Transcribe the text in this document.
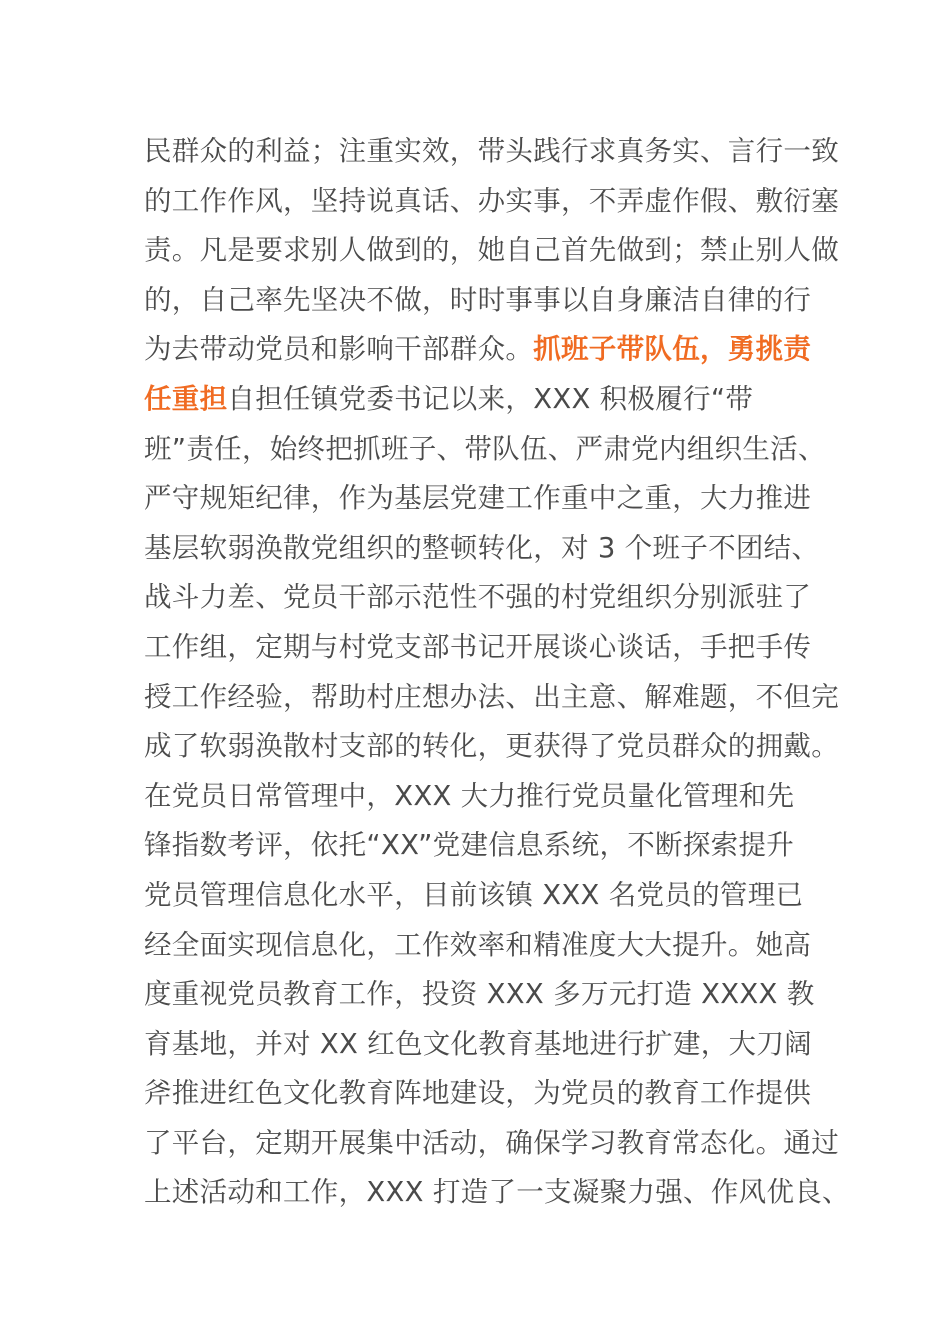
民群众的利益；注重实效，带头践行求真务实、言行一致
的工作作风，坚持说真话、办实事，不弄虚作假、敷衍塞
责。凡是要求别人做到的，她自己首先做到；禁止别人做
的，自己率先坚决不做，时时事事以自身廉洁自律的行
为去带动党员和影响干部群众。抓班子带队伍，勇挑责
任重担自担任镇党委书记以来，XXX 积极履行“带
班”责任，始终把抓班子、带队伍、严肃党内组织生活、
严守规矩纪律，作为基层党建工作重中之重，大力推进
基层软弱涣散党组织的整顿转化，对 3 个班子不团结、
战斗力差、党员干部示范性不强的村党组织分别派驻了
工作组，定期与村党支部书记开展谈心谈话，手把手传
授工作经验，帮助村庄想办法、出主意、解难题，不但完
成了软弱涣散村支部的转化，更获得了党员群众的拥戴。
在党员日常管理中，XXX 大力推行党员量化管理和先
锋指数考评，依托“XX”党建信息系统，不断探索提升
党员管理信息化水平，目前该镇 XXX 名党员的管理已
经全面实现信息化，工作效率和精准度大大提升。她高
度重视党员教育工作，投资 XXX 多万元打造 XXXX 教
育基地，并对 XX 红色文化教育基地进行扩建，大刀阔
斧推进红色文化教育阵地建设，为党员的教育工作提供
了平台，定期开展集中活动，确保学习教育常态化。通过
上述活动和工作，XXX 打造了一支凝聚力强、作风优良、
